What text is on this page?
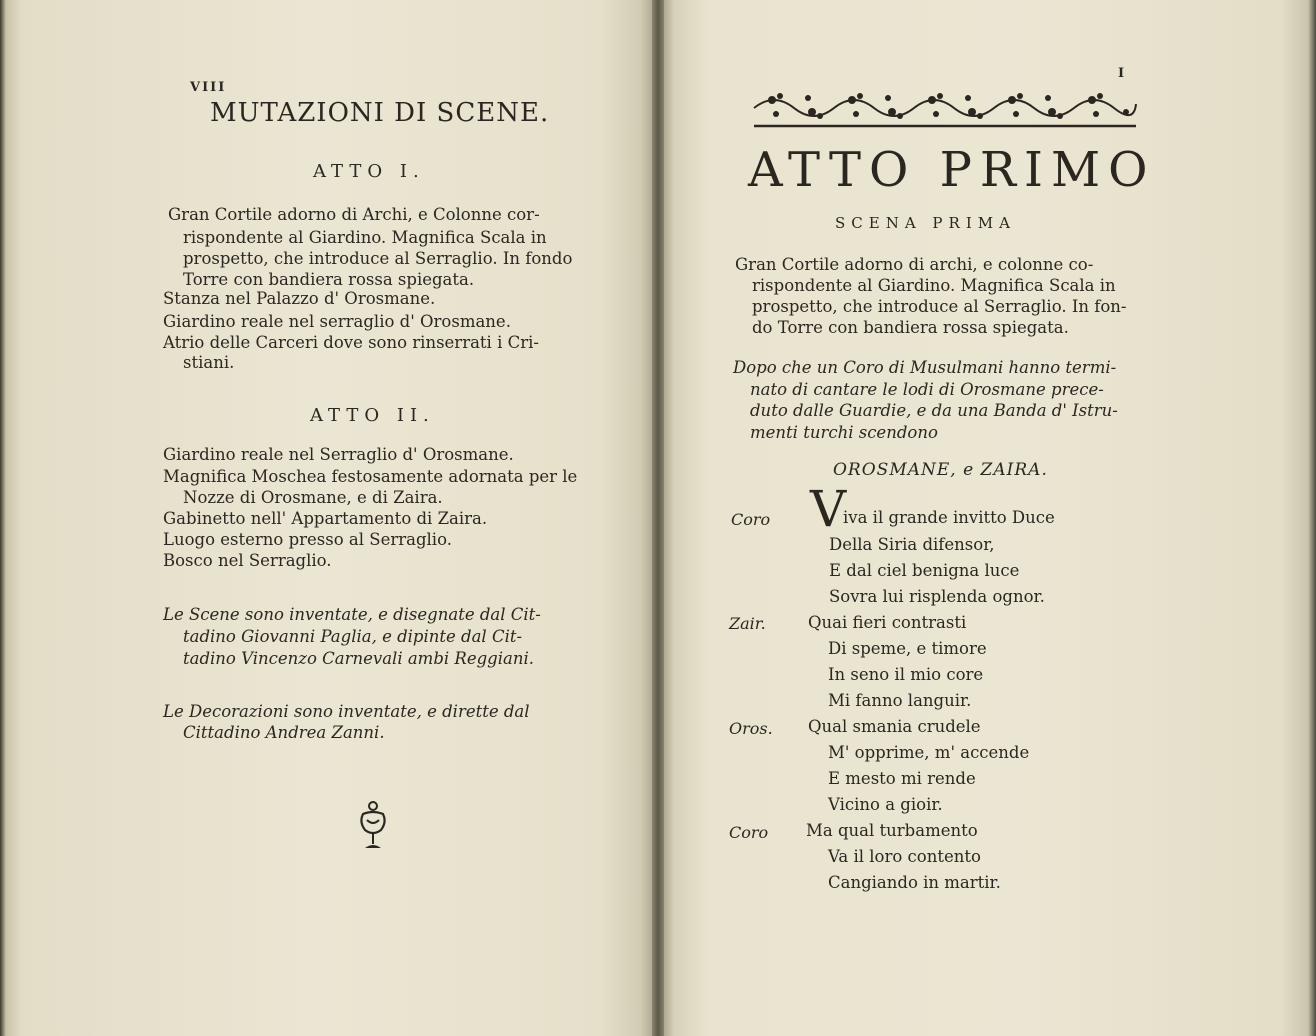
VIII
MUTAZIONI DI SCENE.
ATTO I.
Gran Cortile adorno di Archi, e Colonne cor-
rispondente al Giardino. Magnifica Scala in
prospetto, che introduce al Serraglio. In fondo
Torre con bandiera rossa spiegata.
Stanza nel Palazzo d' Orosmane.
Giardino reale nel serraglio d' Orosmane.
Atrio delle Carceri dove sono rinserrati i Cri-
stiani.
ATTO II.
Giardino reale nel Serraglio d' Orosmane.
Magnifica Moschea festosamente adornata per le
Nozze di Orosmane, e di Zaira.
Gabinetto nell' Appartamento di Zaira.
Luogo esterno presso al Serraglio.
Bosco nel Serraglio.
Le Scene sono inventate, e disegnate dal Cit-
tadino Giovanni Paglia, e dipinte dal Cit-
tadino Vincenzo Carnevali ambi Reggiani.
Le Decorazioni sono inventate, e dirette dal
Cittadino Andrea Zanni.
I
ATTO PRIMO
SCENA PRIMA
Gran Cortile adorno di archi, e colonne co-
rispondente al Giardino. Magnifica Scala in
prospetto, che introduce al Serraglio. In fon-
do Torre con bandiera rossa spiegata.
Dopo che un Coro di Musulmani hanno termi-
nato di cantare le lodi di Orosmane prece-
duto dalle Guardie, e da una Banda d' Istru-
menti turchi scendono
OROSMANE, e ZAIRA.
Coro V
iva il grande invitto Duce
Della Siria difensor,
E dal ciel benigna luce
Sovra lui risplenda ognor.
Zair.	Quai fieri contrasti
Di speme, e timore
In seno il mio core
Mi fanno languir.
Oros. Qual smania crudele
M' opprime, m' accende
E mesto mi rende
Vicino a gioir.
Coro Ma qual turbamento
Va il loro contento
Cangiando in martir.
